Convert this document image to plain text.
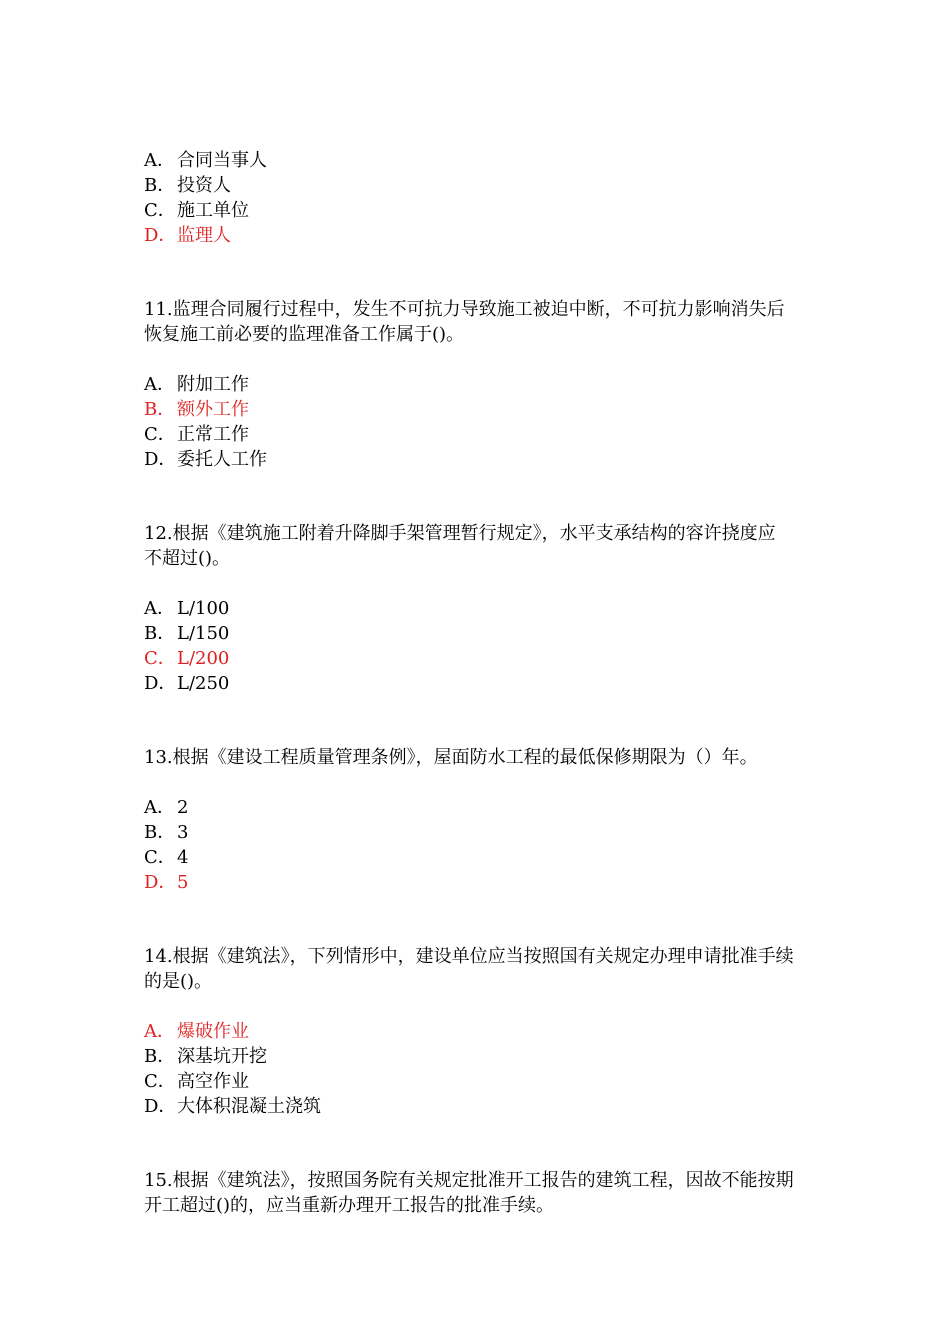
A． 合同当事人
B．投资人
C．施工单位
D．监理人
11.监理合同履行过程中，发生不可抗力导致施工被迫中断，不可抗力影响消失后
恢复施工前必要的监理准备工作属于()。
A． 附加工作
B．额外工作
C．正常工作
D．委托人工作
12.根据《建筑施工附着升降脚手架管理暂行规定》，水平支承结构的容许挠度应
不超过()。
A． L/100
B．L/150
C．L/200
D．L/250
13.根据《建设工程质量管理条例》，屋面防水工程的最低保修期限为（）年。
A． 2
B．3
C．4
D．5
14.根据《建筑法》，下列情形中，建设单位应当按照国有关规定办理申请批准手续
的是()。
A． 爆破作业
B．深基坑开挖
C．高空作业
D．大体积混凝土浇筑
15.根据《建筑法》，按照国务院有关规定批准开工报告的建筑工程，因故不能按期
开工超过()的，应当重新办理开工报告的批准手续。
